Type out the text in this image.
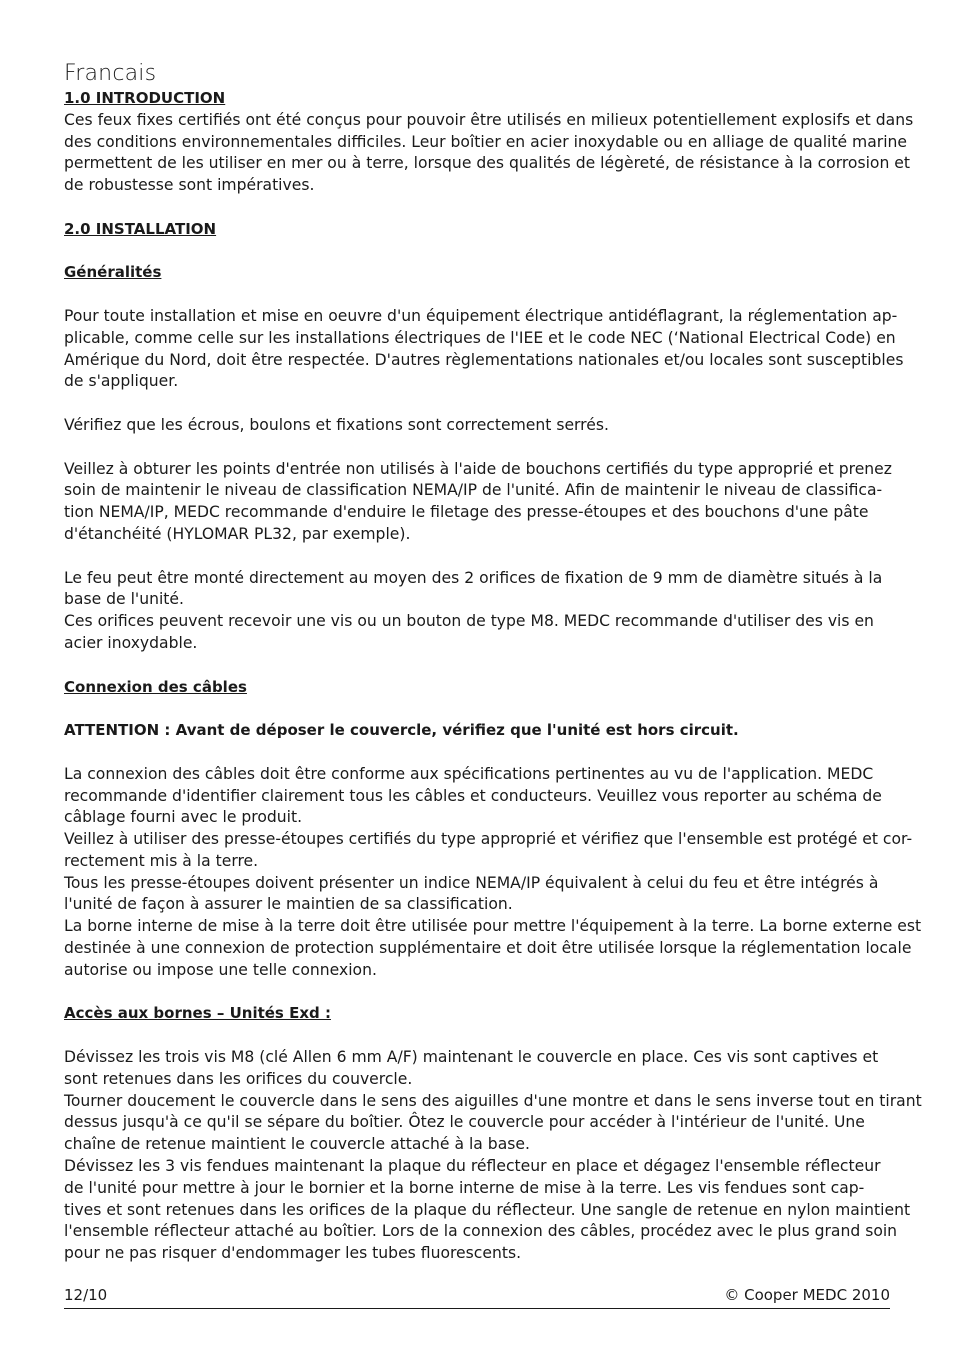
Francais

1.0 INTRODUCTION

Ces feux fixes certifiés ont été conçus pour pouvoir être utilisés en milieux potentiellement explosifs et dans
des conditions environnementales difficiles. Leur boîtier en acier inoxydable ou en alliage de qualité marine
permettent de les utiliser en mer ou à terre, lorsque des qualités de légèreté, de résistance à la corrosion et
de robustesse sont impératives.

2.0 INSTALLATION

Généralités

Pour toute installation et mise en oeuvre d'un équipement électrique antidéflagrant, la réglementation ap-
plicable, comme celle sur les installations électriques de l'IEE et le code NEC (‘National Electrical Code) en
Amérique du Nord, doit être respectée. D'autres règlementations nationales et/ou locales sont susceptibles
de s'appliquer.
Vérifiez que les écrous, boulons et fixations sont correctement serrés.
Veillez à obturer les points d'entrée non utilisés à l'aide de bouchons certifiés du type approprié et prenez
soin de maintenir le niveau de classification NEMA/IP de l'unité. Afin de maintenir le niveau de classifica-
tion NEMA/IP, MEDC recommande d'enduire le filetage des presse-étoupes et des bouchons d'une pâte
d'étanchéité (HYLOMAR PL32, par exemple).
Le feu peut être monté directement au moyen des 2 orifices de fixation de 9 mm de diamètre situés à la
base de l'unité.
Ces orifices peuvent recevoir une vis ou un bouton de type M8. MEDC recommande d'utiliser des vis en
acier inoxydable.

Connexion des câbles

ATTENTION : Avant de déposer le couvercle, vérifiez que l'unité est hors circuit.

La connexion des câbles doit être conforme aux spécifications pertinentes au vu de l'application. MEDC
recommande d'identifier clairement tous les câbles et conducteurs. Veuillez vous reporter au schéma de
câblage fourni avec le produit.
Veillez à utiliser des presse-étoupes certifiés du type approprié et vérifiez que l'ensemble est protégé et cor-
rectement mis à la terre.
Tous les presse-étoupes doivent présenter un indice NEMA/IP équivalent à celui du feu et être intégrés à
l'unité de façon à assurer le maintien de sa classification.
La borne interne de mise à la terre doit être utilisée pour mettre l'équipement à la terre. La borne externe est
destinée à une connexion de protection supplémentaire et doit être utilisée lorsque la réglementation locale
autorise ou impose une telle connexion.

Accès aux bornes – Unités Exd :

Dévissez les trois vis M8 (clé Allen 6 mm A/F) maintenant le couvercle en place. Ces vis sont captives et
sont retenues dans les orifices du couvercle.
Tourner doucement le couvercle dans le sens des aiguilles d'une montre et dans le sens inverse tout en tirant
dessus jusqu'à ce qu'il se sépare du boîtier. Ôtez le couvercle pour accéder à l'intérieur de l'unité. Une
chaîne de retenue maintient le couvercle attaché à la base.
Dévissez les 3 vis fendues maintenant la plaque du réflecteur en place et dégagez l'ensemble réflecteur
de l'unité pour mettre à jour le bornier et la borne interne de mise à la terre. Les vis fendues sont cap-
tives et sont retenues dans les orifices de la plaque du réflecteur. Une sangle de retenue en nylon maintient
l'ensemble réflecteur attaché au boîtier. Lors de la connexion des câbles, procédez avec le plus grand soin
pour ne pas risquer d'endommager les tubes fluorescents.
12/10	© Cooper MEDC 2010
